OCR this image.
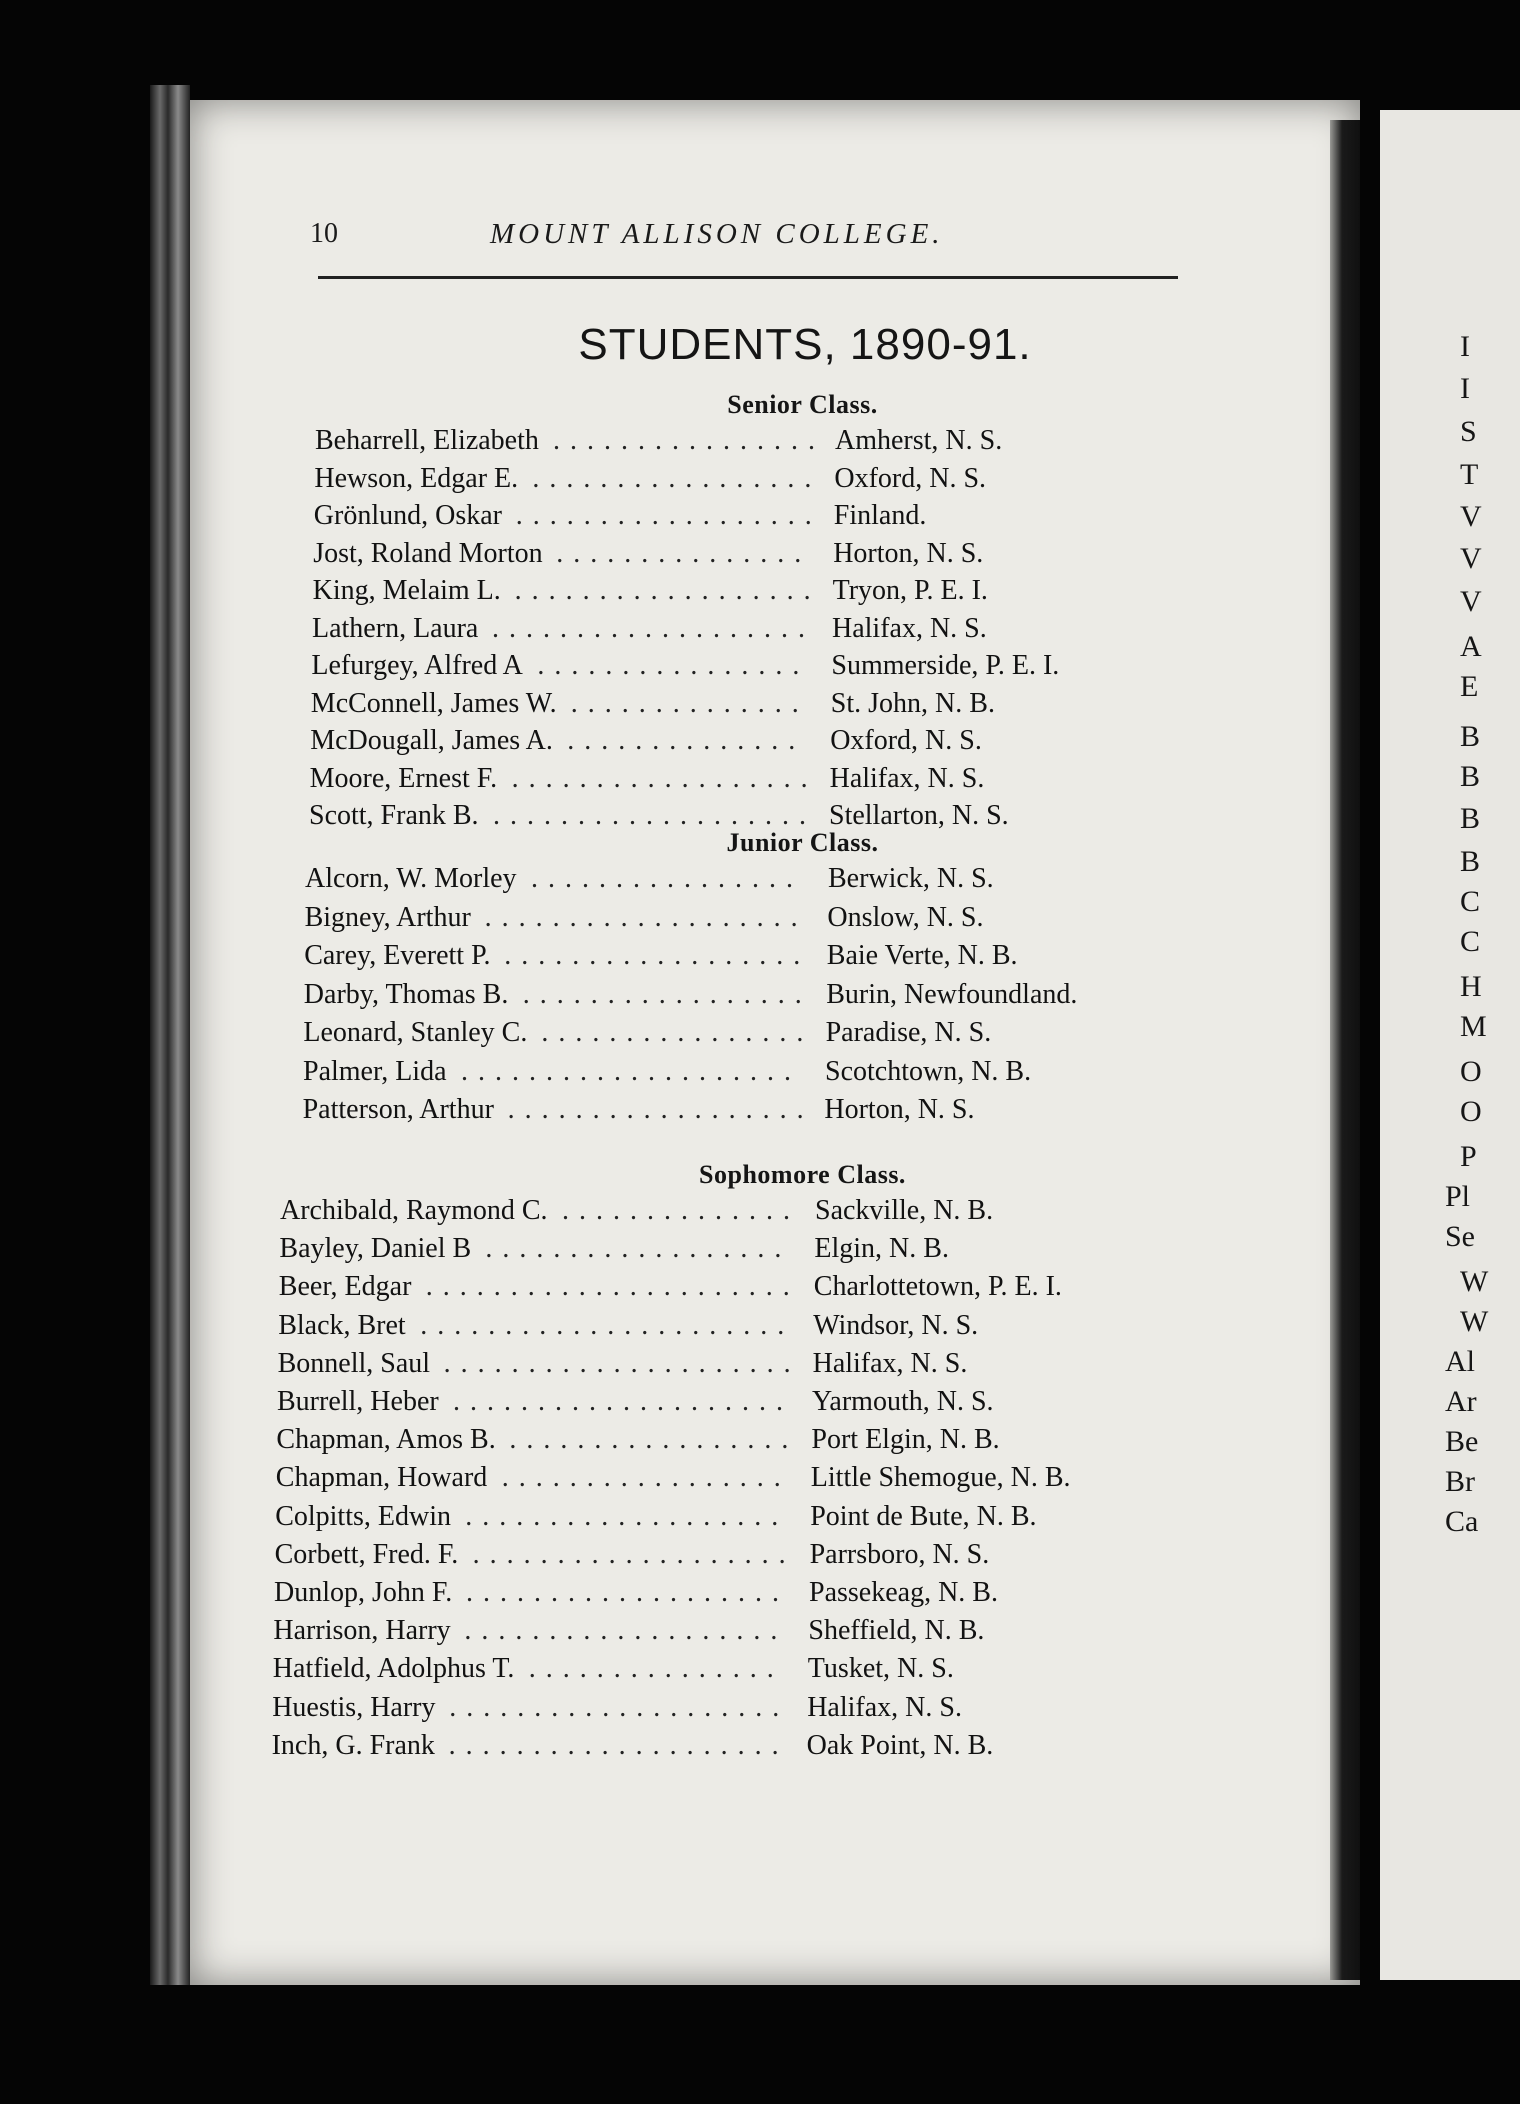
10	MOUNT ALLISON COLLEGE.
STUDENTS, 1890-91.
Senior Class.
Beharrell, Elizabeth	Amherst, N. S.
................
Hewson, Edgar E.	Oxford, N. S.
.................
Grönlund, Oskar	Finland.
..................
Jost, Roland Morton	Horton, N. S.
...............
King, Melaim L.	Tryon, P. E. I.
..................
Lathern, Laura	Halifax, N. S.
...................
Lefurgey, Alfred A	Summerside, P. E. I.
................
McConnell, James W.	St. John, N. B.
..............
McDougall, James A.	Oxford, N. S.
..............
Moore, Ernest F.	Halifax, N. S.
..................
Scott, Frank B.	Stellarton, N. S.
...................
Junior Class.
Alcorn, W. Morley	Berwick, N. S.
................
Bigney, Arthur	Onslow, N. S.
...................
Carey, Everett P.	Baie Verte, N. B.
..................
Darby, Thomas B.	Burin, Newfoundland.
.................
Leonard, Stanley C.	Paradise, N. S.
................
Palmer, Lida	Scotchtown, N. B.
....................
Patterson, Arthur	Horton, N. S.
..................
Sophomore Class.
Archibald, Raymond C.	Sackville, N. B.
..............
Bayley, Daniel B	Elgin, N. B.
..................
Beer, Edgar	Charlottetown, P. E. I.
......................
Black, Bret	Windsor, N. S.
......................
Bonnell, Saul	Halifax, N. S.
.....................
Burrell, Heber	Yarmouth, N. S.
....................
Chapman, Amos B.	Port Elgin, N. B.
.................
Chapman, Howard	Little Shemogue, N. B.
.................
Colpitts, Edwin	Point de Bute, N. B.
...................
Corbett, Fred. F.	Parrsboro, N. S.
...................
Dunlop, John F.	Passekeag, N. B.
...................
Harrison, Harry	Sheffield, N. B.
...................
Hatfield, Adolphus T.	Tusket, N. S.
...............
Huestis, Harry	Halifax, N. S.
....................
Inch, G. Frank	Oak Point, N. B.
....................
I
I
S
T
V
V
V
A
E
B
B
B
B
C
C
H
M
O
O
P
Pl
Se
W
W
Al
Ar
Be
Br
Ca
